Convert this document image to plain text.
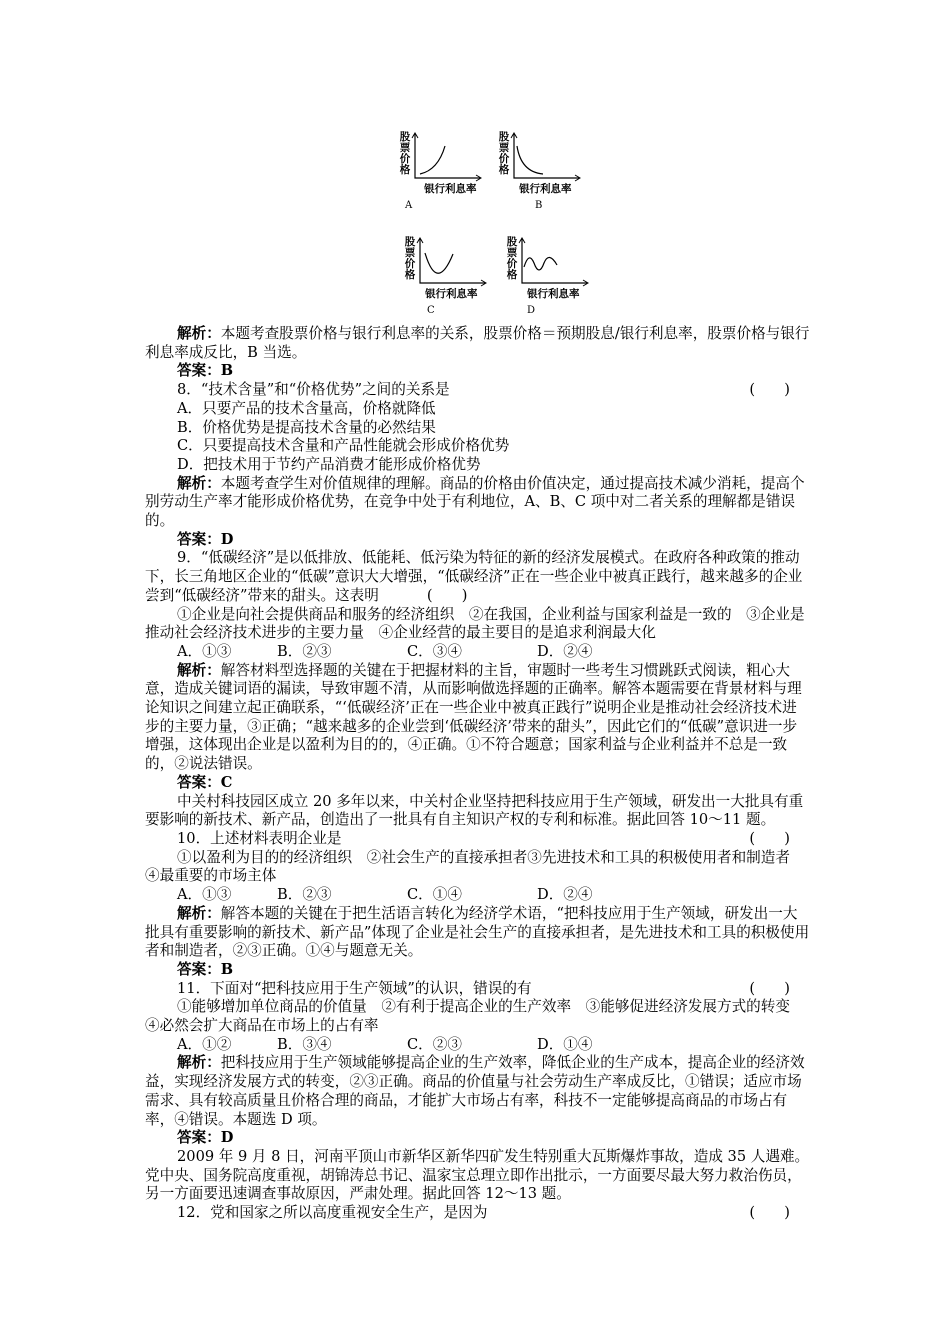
股
票
价
格
银行利息率
A
股
票
价
格
银行利息率
B
股
票
价
格
银行利息率
C
股
票
价
格
银行利息率
D

解析：本题考查股票价格与银行利息率的关系，股票价格＝预期股息/银行利息率，股票价格与银行利息率成反比，B 当选。

答案：B

8．“技术含量”和“价格优势”之间的关系是	(　　)

A．只要产品的技术含量高，价格就降低

B．价格优势是提高技术含量的必然结果

C．只要提高技术含量和产品性能就会形成价格优势

D．把技术用于节约产品消费才能形成价格优势

解析：本题考查学生对价值规律的理解。商品的价格由价值决定，通过提高技术减少消耗，提高个别劳动生产率才能形成价格优势，在竞争中处于有利地位，A、B、C 项中对二者关系的理解都是错误的。

答案：D

9．“低碳经济”是以低排放、低能耗、低污染为特征的新的经济发展模式。在政府各种政策的推动下，长三角地区企业的“低碳”意识大大增强，“低碳经济”正在一些企业中被真正践行，越来越多的企业尝到“低碳经济”带来的甜头。这表明	(　　)

①企业是向社会提供商品和服务的经济组织　②在我国，企业利益与国家利益是一致的　③企业是推动社会经济技术进步的主要力量　④企业经营的最主要目的是追求利润最大化

A．①③	B．②③	C．③④	D．②④

解析：解答材料型选择题的关键在于把握材料的主旨，审题时一些考生习惯跳跃式阅读，粗心大意，造成关键词语的漏读，导致审题不清，从而影响做选择题的正确率。解答本题需要在背景材料与理论知识之间建立起正确联系，“‘低碳经济’正在一些企业中被真正践行”说明企业是推动社会经济技术进步的主要力量，③正确；“越来越多的企业尝到‘低碳经济’带来的甜头”，因此它们的“低碳”意识进一步增强，这体现出企业是以盈利为目的的，④正确。①不符合题意；国家利益与企业利益并不总是一致的，②说法错误。

答案：C

中关村科技园区成立 20 多年以来，中关村企业坚持把科技应用于生产领域，研发出一大批具有重要影响的新技术、新产品，创造出了一批具有自主知识产权的专利和标准。据此回答 10～11 题。

10．上述材料表明企业是	(　　)

①以盈利为目的的经济组织　②社会生产的直接承担者③先进技术和工具的积极使用者和制造者　④最重要的市场主体

A．①③	B．②③	C．①④	D．②④

解析：解答本题的关键在于把生活语言转化为经济学术语，“把科技应用于生产领域，研发出一大批具有重要影响的新技术、新产品”体现了企业是社会生产的直接承担者，是先进技术和工具的积极使用者和制造者，②③正确。①④与题意无关。

答案：B

11．下面对“把科技应用于生产领域”的认识，错误的有	(　　)

①能够增加单位商品的价值量　②有利于提高企业的生产效率　③能够促进经济发展方式的转变　④必然会扩大商品在市场上的占有率

A．①②	B．③④	C．②③	D．①④

解析：把科技应用于生产领域能够提高企业的生产效率，降低企业的生产成本，提高企业的经济效益，实现经济发展方式的转变，②③正确。商品的价值量与社会劳动生产率成反比，①错误；适应市场需求、具有较高质量且价格合理的商品，才能扩大市场占有率，科技不一定能够提高商品的市场占有率，④错误。本题选 D 项。

答案：D

2009 年 9 月 8 日，河南平顶山市新华区新华四矿发生特别重大瓦斯爆炸事故，造成 35 人遇难。党中央、国务院高度重视，胡锦涛总书记、温家宝总理立即作出批示，一方面要尽最大努力救治伤员，另一方面要迅速调查事故原因，严肃处理。据此回答 12～13 题。

12．党和国家之所以高度重视安全生产，是因为	(　　)
